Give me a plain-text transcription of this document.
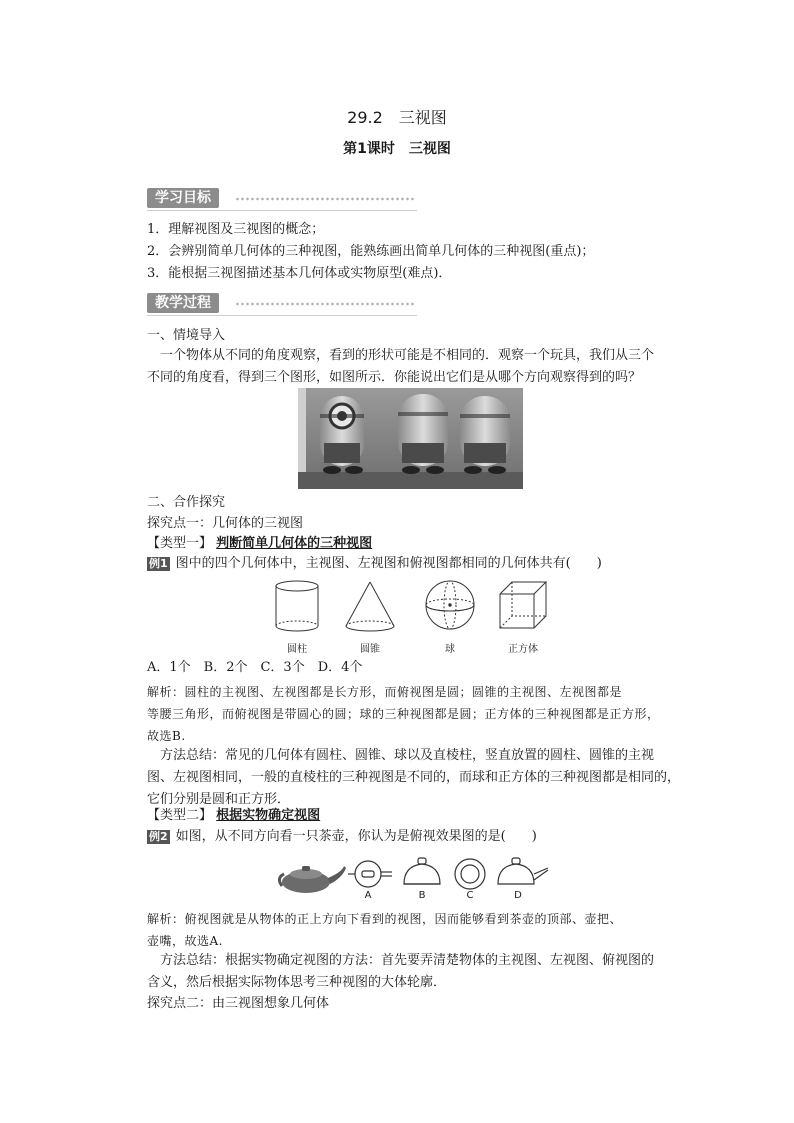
29.2　三视图
第1课时　三视图
学习目标
1．理解视图及三视图的概念；
2．会辨别简单几何体的三种视图，能熟练画出简单几何体的三种视图(重点)；
3．能根据三视图描述基本几何体或实物原型(难点)．
教学过程
一、情境导入
一个物体从不同的角度观察，看到的形状可能是不相同的．观察一个玩具，我们从三个
不同的角度看，得到三个图形，如图所示．你能说出它们是从哪个方向观察得到的吗？
二、合作探究
探究点一：几何体的三视图
【类型一】 判断简单几何体的三种视图
例1 图中的四个几何体中，主视图、左视图和俯视图都相同的几何体共有(　　)
圆柱	圆锥	球	正方体
A．1个　B．2个　C．3个　D．4个
解析：圆柱的主视图、左视图都是长方形，而俯视图是圆；圆锥的主视图、左视图都是
等腰三角形，而俯视图是带圆心的圆；球的三种视图都是圆；正方体的三种视图都是正方形，
故选B.
方法总结：常见的几何体有圆柱、圆锥、球以及直棱柱，竖直放置的圆柱、圆锥的主视
图、左视图相同，一般的直棱柱的三种视图是不同的，而球和正方体的三种视图都是相同的，
它们分别是圆和正方形．
【类型二】 根据实物确定视图
例2 如图，从不同方向看一只茶壶，你认为是俯视效果图的是(　　)
A	B	C	D
解析：俯视图就是从物体的正上方向下看到的视图，因而能够看到茶壶的顶部、壶把、
壶嘴，故选A.
方法总结：根据实物确定视图的方法：首先要弄清楚物体的主视图、左视图、俯视图的
含义，然后根据实际物体思考三种视图的大体轮廓．
探究点二：由三视图想象几何体
